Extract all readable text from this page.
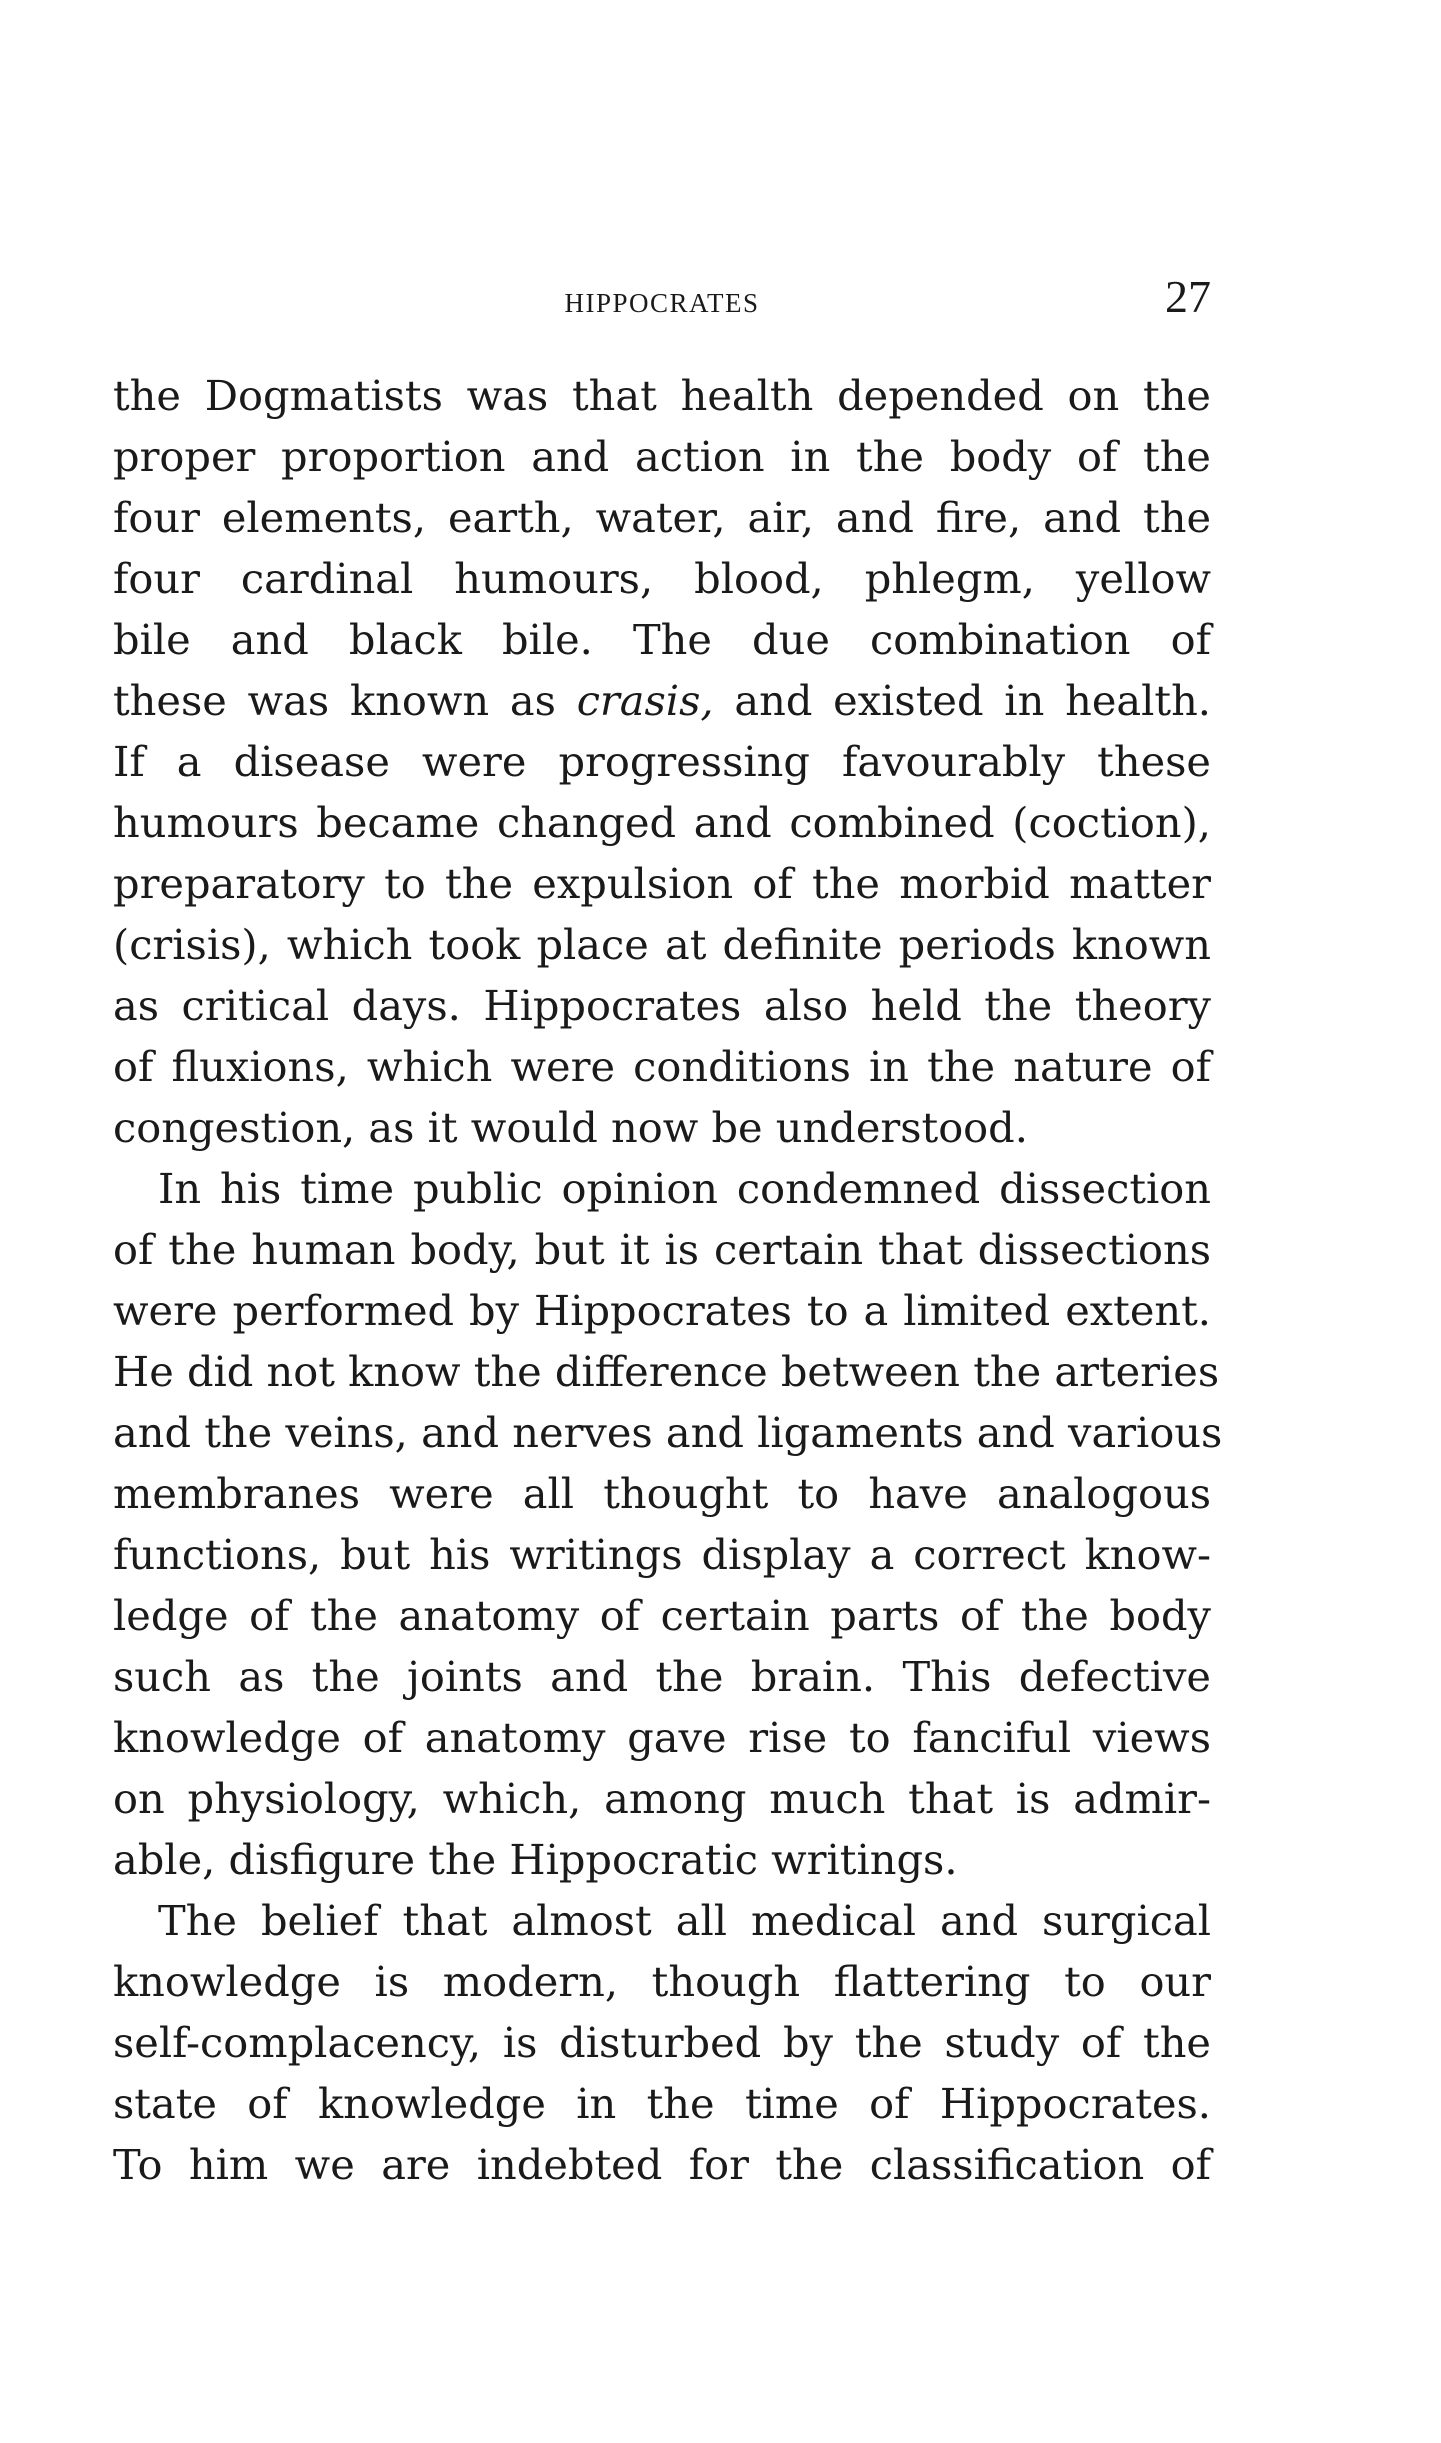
HIPPOCRATES	27
the Dogmatists was that health depended on the
proper proportion and action in the body of the
four elements, earth, water, air, and fire, and the
four cardinal humours, blood, phlegm, yellow
bile and black bile. The due combination of
these was known as crasis, and existed in health.
If a disease were progressing favourably these
humours became changed and combined (coction),
preparatory to the expulsion of the morbid matter
(crisis), which took place at definite periods known
as critical days. Hippocrates also held the theory
of fluxions, which were conditions in the nature of
congestion, as it would now be understood.
In his time public opinion condemned dissection
of the human body, but it is certain that dissections
were performed by Hippocrates to a limited extent.
He did not know the difference between the arteries
and the veins, and nerves and ligaments and various
membranes were all thought to have analogous
functions, but his writings display a correct know-
ledge of the anatomy of certain parts of the body
such as the joints and the brain. This defective
knowledge of anatomy gave rise to fanciful views
on physiology, which, among much that is admir-
able, disfigure the Hippocratic writings.
The belief that almost all medical and surgical
knowledge is modern, though flattering to our
self-complacency, is disturbed by the study of the
state of knowledge in the time of Hippocrates.
To him we are indebted for the classification of
